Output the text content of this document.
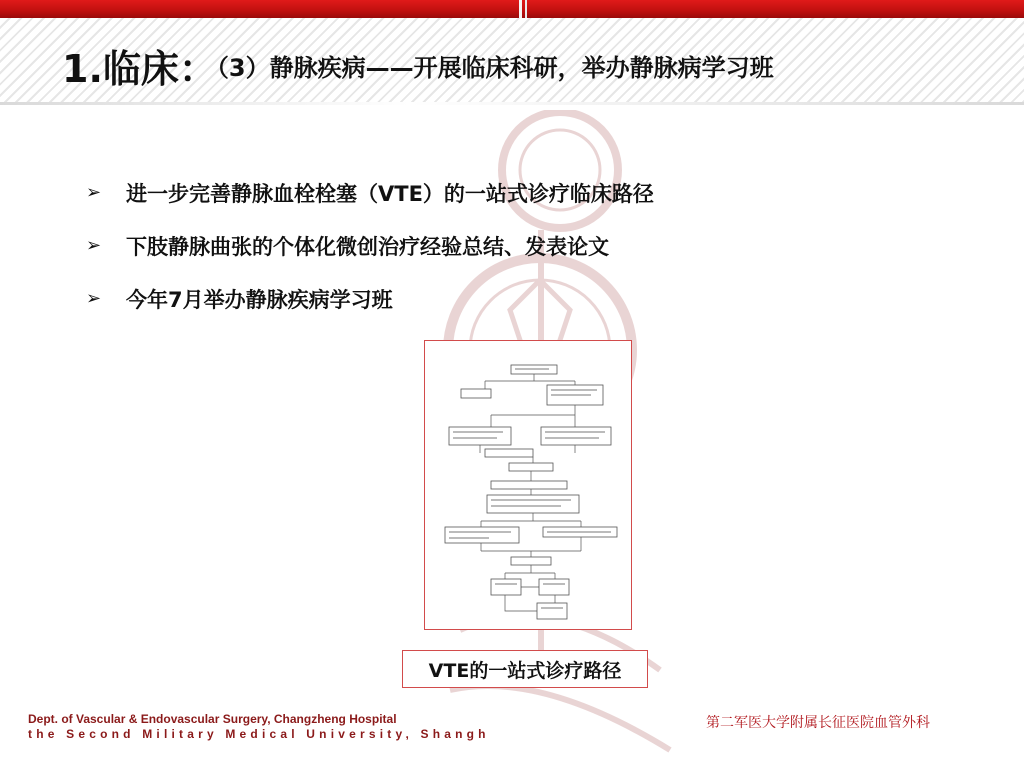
1.临床：（3）静脉疾病——开展临床科研，举办静脉病学习班
➢	进一步完善静脉血栓栓塞（VTE）的一站式诊疗临床路径
➢	下肢静脉曲张的个体化微创治疗经验总结、发表论文
➢	今年7月举办静脉疾病学习班
VTE的一站式诊疗路径
Dept. of Vascular & Endovascular Surgery, Changzheng Hospital
the Second Military Medical University, Shangh
第二军医大学附属长征医院血管外科
